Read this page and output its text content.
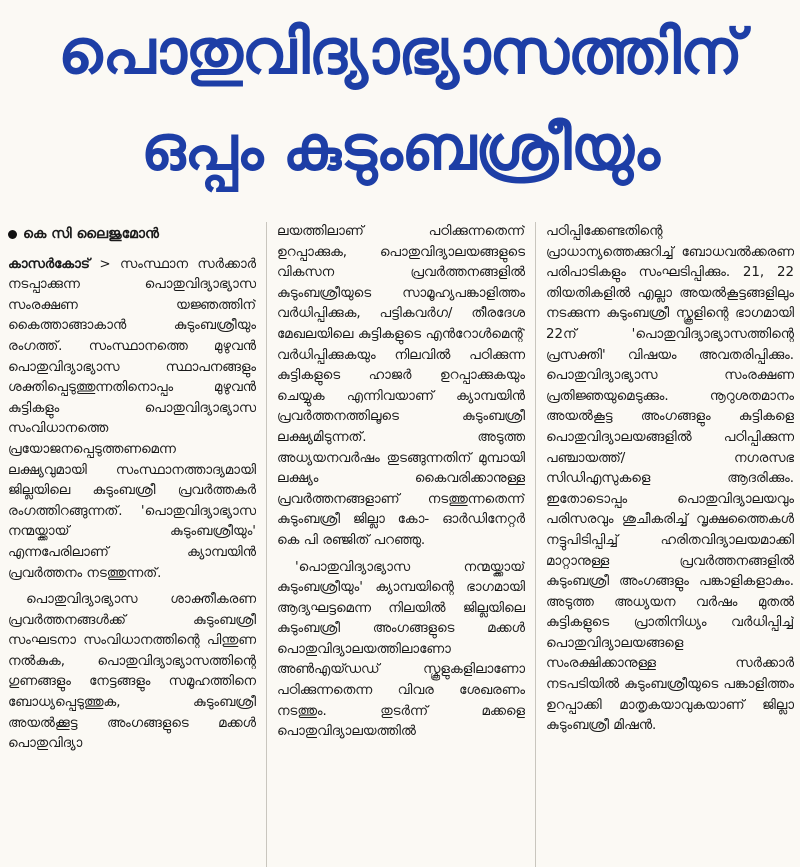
പൊതുവിദ്യാഭ്യാസത്തിന്
ഒപ്പം കുടുംബശ്രീയും
കെ സി ലൈജുമോൻ

കാസർകോട് > സംസ്ഥാന സർക്കാർ നടപ്പാക്കുന്ന പൊതുവിദ്യാഭ്യാസ സംരക്ഷണ യജ്ഞത്തിന് കൈത്താങ്ങാകാൻ കുടുംബശ്രീയും രംഗത്ത്. സംസ്ഥാനത്തെ മുഴുവൻ പൊതുവിദ്യാഭ്യാസ സ്ഥാപനങ്ങളും ശക്തിപ്പെടുത്തുന്നതിനൊപ്പം മുഴുവൻ കുട്ടികളും പൊതുവിദ്യാഭ്യാസ സംവിധാനത്തെ പ്രയോജനപ്പെടുത്തണമെന്ന ലക്ഷ്യവുമായി സംസ്ഥാനത്താദ്യമായി ജില്ലയിലെ കുടുംബശ്രീ പ്രവർത്തകർ രംഗത്തിറങ്ങുന്നത്. 'പൊതുവിദ്യാഭ്യാസ നന്മയ്ക്കായ് കുടുംബശ്രീയും' എന്നപേരിലാണ് ക്യാമ്പയിൻ പ്രവർത്തനം നടത്തുന്നത്.

പൊതുവിദ്യാഭ്യാസ ശാക്തീകരണ പ്രവർത്തനങ്ങൾക്ക് കുടുംബശ്രീ സംഘടനാ സംവിധാനത്തിന്റെ പിന്തുണ നൽകുക, പൊതുവിദ്യാഭ്യാസത്തിന്റെ ഗുണങ്ങളും നേട്ടങ്ങളും സമൂഹത്തിനെ ബോധ്യപ്പെടുത്തുക, കുടുംബശ്രീ അയൽക്കൂട്ട അംഗങ്ങളുടെ മക്കൾ പൊതുവിദ്യാ

ലയത്തിലാണ് പഠിക്കുന്നതെന്ന് ഉറപ്പാക്കുക, പൊതുവിദ്യാലയങ്ങളുടെ വികസന പ്രവർത്തനങ്ങളിൽ കുടുംബശ്രീയുടെ സാമൂഹ്യപങ്കാളിത്തം വർധിപ്പിക്കുക, പട്ടികവർഗ/ തീരദേശ മേഖലയിലെ കുട്ടികളുടെ എൻറോൾമെന്റ് വർധിപ്പിക്കുകയും നിലവിൽ പഠിക്കുന്ന കുട്ടികളുടെ ഹാജർ ഉറപ്പാക്കുകയും ചെയ്യുക എന്നിവയാണ് ക്യാമ്പയിൻ പ്രവർത്തനത്തിലൂടെ കുടുംബശ്രീ ലക്ഷ്യമിടുന്നത്. അടുത്ത അധ്യയനവർഷം തുടങ്ങുന്നതിന് മുമ്പായി ലക്ഷ്യം കൈവരിക്കാനുള്ള പ്രവർത്തനങ്ങളാണ് നടത്തുന്നതെന്ന് കുടുംബശ്രീ ജില്ലാ കോ- ഓർഡിനേറ്റർ കെ പി രഞ്ജിത് പറഞ്ഞു.

'പൊതുവിദ്യാഭ്യാസ നന്മയ്ക്കായ് കുടുംബശ്രീയും' ക്യാമ്പയിന്റെ ഭാഗമായി ആദ്യഘട്ടമെന്ന നിലയിൽ ജില്ലയിലെ കുടുംബശ്രീ അംഗങ്ങളുടെ മക്കൾ പൊതുവിദ്യാലയത്തിലാണോ അൺഎയ്ഡഡ് സ്കൂളുകളിലാണോ പഠിക്കുന്നതെന്ന വിവര ശേഖരണം നടത്തും. തുടർന്ന് മക്കളെ പൊതുവിദ്യാലയത്തിൽ

പഠിപ്പിക്കേണ്ടതിന്റെ പ്രാധാന്യത്തെക്കുറിച്ച് ബോധവൽക്കരണ പരിപാടികളും സംഘടിപ്പിക്കും. 21, 22 തിയതികളിൽ എല്ലാ അയൽകൂട്ടങ്ങളിലും നടക്കുന്ന കുടുംബശ്രീ സ്കൂളിന്റെ ഭാഗമായി 22ന് 'പൊതുവിദ്യാഭ്യാസത്തിന്റെ പ്രസക്തി' വിഷയം അവതരിപ്പിക്കും. പൊതുവിദ്യാഭ്യാസ സംരക്ഷണ പ്രതിജ്ഞയുമെടുക്കും. നൂറുശതമാനം അയൽകൂട്ട അംഗങ്ങളും കുട്ടികളെ പൊതുവിദ്യാലയങ്ങളിൽ പഠിപ്പിക്കുന്ന പഞ്ചായത്ത്/ നഗരസഭ സിഡിഎസുകളെ ആദരിക്കും. ഇതോടൊപ്പം പൊതുവിദ്യാലയവും പരിസരവും ശുചീകരിച്ച് വൃക്ഷത്തൈകൾ നട്ടുപിടിപ്പിച്ച് ഹരിതവിദ്യാലയമാക്കി മാറ്റാനുള്ള പ്രവർത്തനങ്ങളിൽ കുടുംബശ്രീ അംഗങ്ങളും പങ്കാളികളാകും. അടുത്ത അധ്യയന വർഷം മുതൽ കുട്ടികളുടെ പ്രാതിനിധ്യം വർധിപ്പിച്ച് പൊതുവിദ്യാലയങ്ങളെ സംരക്ഷിക്കാനുള്ള സർക്കാർ നടപടിയിൽ കുടുംബശ്രീയുടെ പങ്കാളിത്തം ഉറപ്പാക്കി മാതൃകയാവുകയാണ് ജില്ലാ കുടുംബശ്രീ മിഷൻ.
